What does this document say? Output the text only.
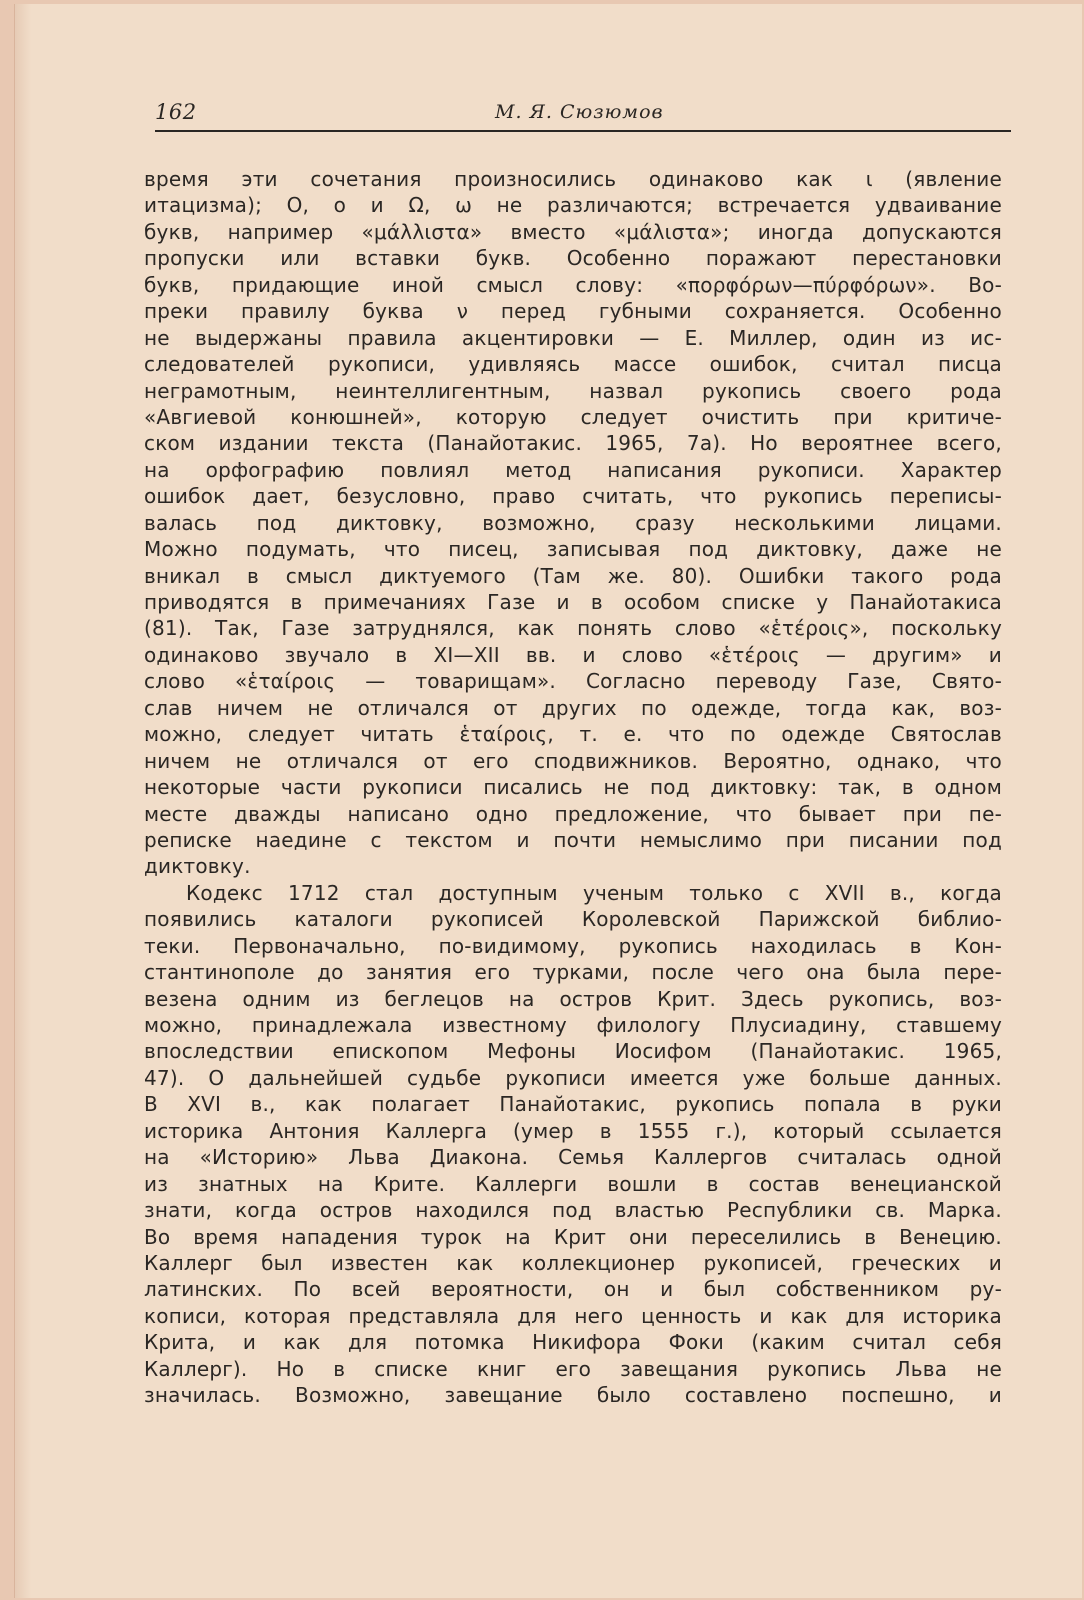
162	М. Я. Сюзюмов
время эти сочетания произносились одинаково как ι (явление
итацизма); О, о и Ω, ω не различаются; встречается удваивание
букв, например «μάλλιστα» вместо «μάλιστα»; иногда допускаются
пропуски или вставки букв. Особенно поражают перестановки
букв, придающие иной смысл слову: «πορφόρων—πύρφόρων». Во-
преки правилу буква ν перед губными сохраняется. Особенно
не выдержаны правила акцентировки — Е. Миллер, один из ис-
следователей рукописи, удивляясь массе ошибок, считал писца
неграмотным, неинтеллигентным, назвал рукопись своего рода
«Авгиевой конюшней», которую следует очистить при критиче-
ском издании текста (Панайотакис. 1965, 7а). Но вероятнее всего,
на орфографию повлиял метод написания рукописи. Характер
ошибок дает, безусловно, право считать, что рукопись переписы-
валась под диктовку, возможно, сразу несколькими лицами.
Можно подумать, что писец, записывая под диктовку, даже не
вникал в смысл диктуемого (Там же. 80). Ошибки такого рода
приводятся в примечаниях Газе и в особом списке у Панайотакиса
(81). Так, Газе затруднялся, как понять слово «ἑτέροις», поскольку
одинаково звучало в XI—XII вв. и слово «ἑτέροις — другим» и
слово «ἑταίροις — товарищам». Согласно переводу Газе, Свято-
слав ничем не отличался от других по одежде, тогда как, воз-
можно, следует читать ἑταίροις, т. е. что по одежде Святослав
ничем не отличался от его сподвижников. Вероятно, однако, что
некоторые части рукописи писались не под диктовку: так, в одном
месте дважды написано одно предложение, что бывает при пе-
реписке наедине с текстом и почти немыслимо при писании под
диктовку.
Кодекс 1712 стал доступным ученым только с XVII в., когда
появились каталоги рукописей Королевской Парижской библио-
теки. Первоначально, по-видимому, рукопись находилась в Кон-
стантинополе до занятия его турками, после чего она была пере-
везена одним из беглецов на остров Крит. Здесь рукопись, воз-
можно, принадлежала известному филологу Плусиадину, ставшему
впоследствии епископом Мефоны Иосифом (Панайотакис. 1965,
47). О дальнейшей судьбе рукописи имеется уже больше данных.
В XVI в., как полагает Панайотакис, рукопись попала в руки
историка Антония Каллерга (умер в 1555 г.), который ссылается
на «Историю» Льва Диакона. Семья Каллергов считалась одной
из знатных на Крите. Каллерги вошли в состав венецианской
знати, когда остров находился под властью Республики св. Марка.
Во время нападения турок на Крит они переселились в Венецию.
Каллерг был известен как коллекционер рукописей, греческих и
латинских. По всей вероятности, он и был собственником ру-
кописи, которая представляла для него ценность и как для историка
Крита, и как для потомка Никифора Фоки (каким считал себя
Каллерг). Но в списке книг его завещания рукопись Льва не
значилась. Возможно, завещание было составлено поспешно, и
